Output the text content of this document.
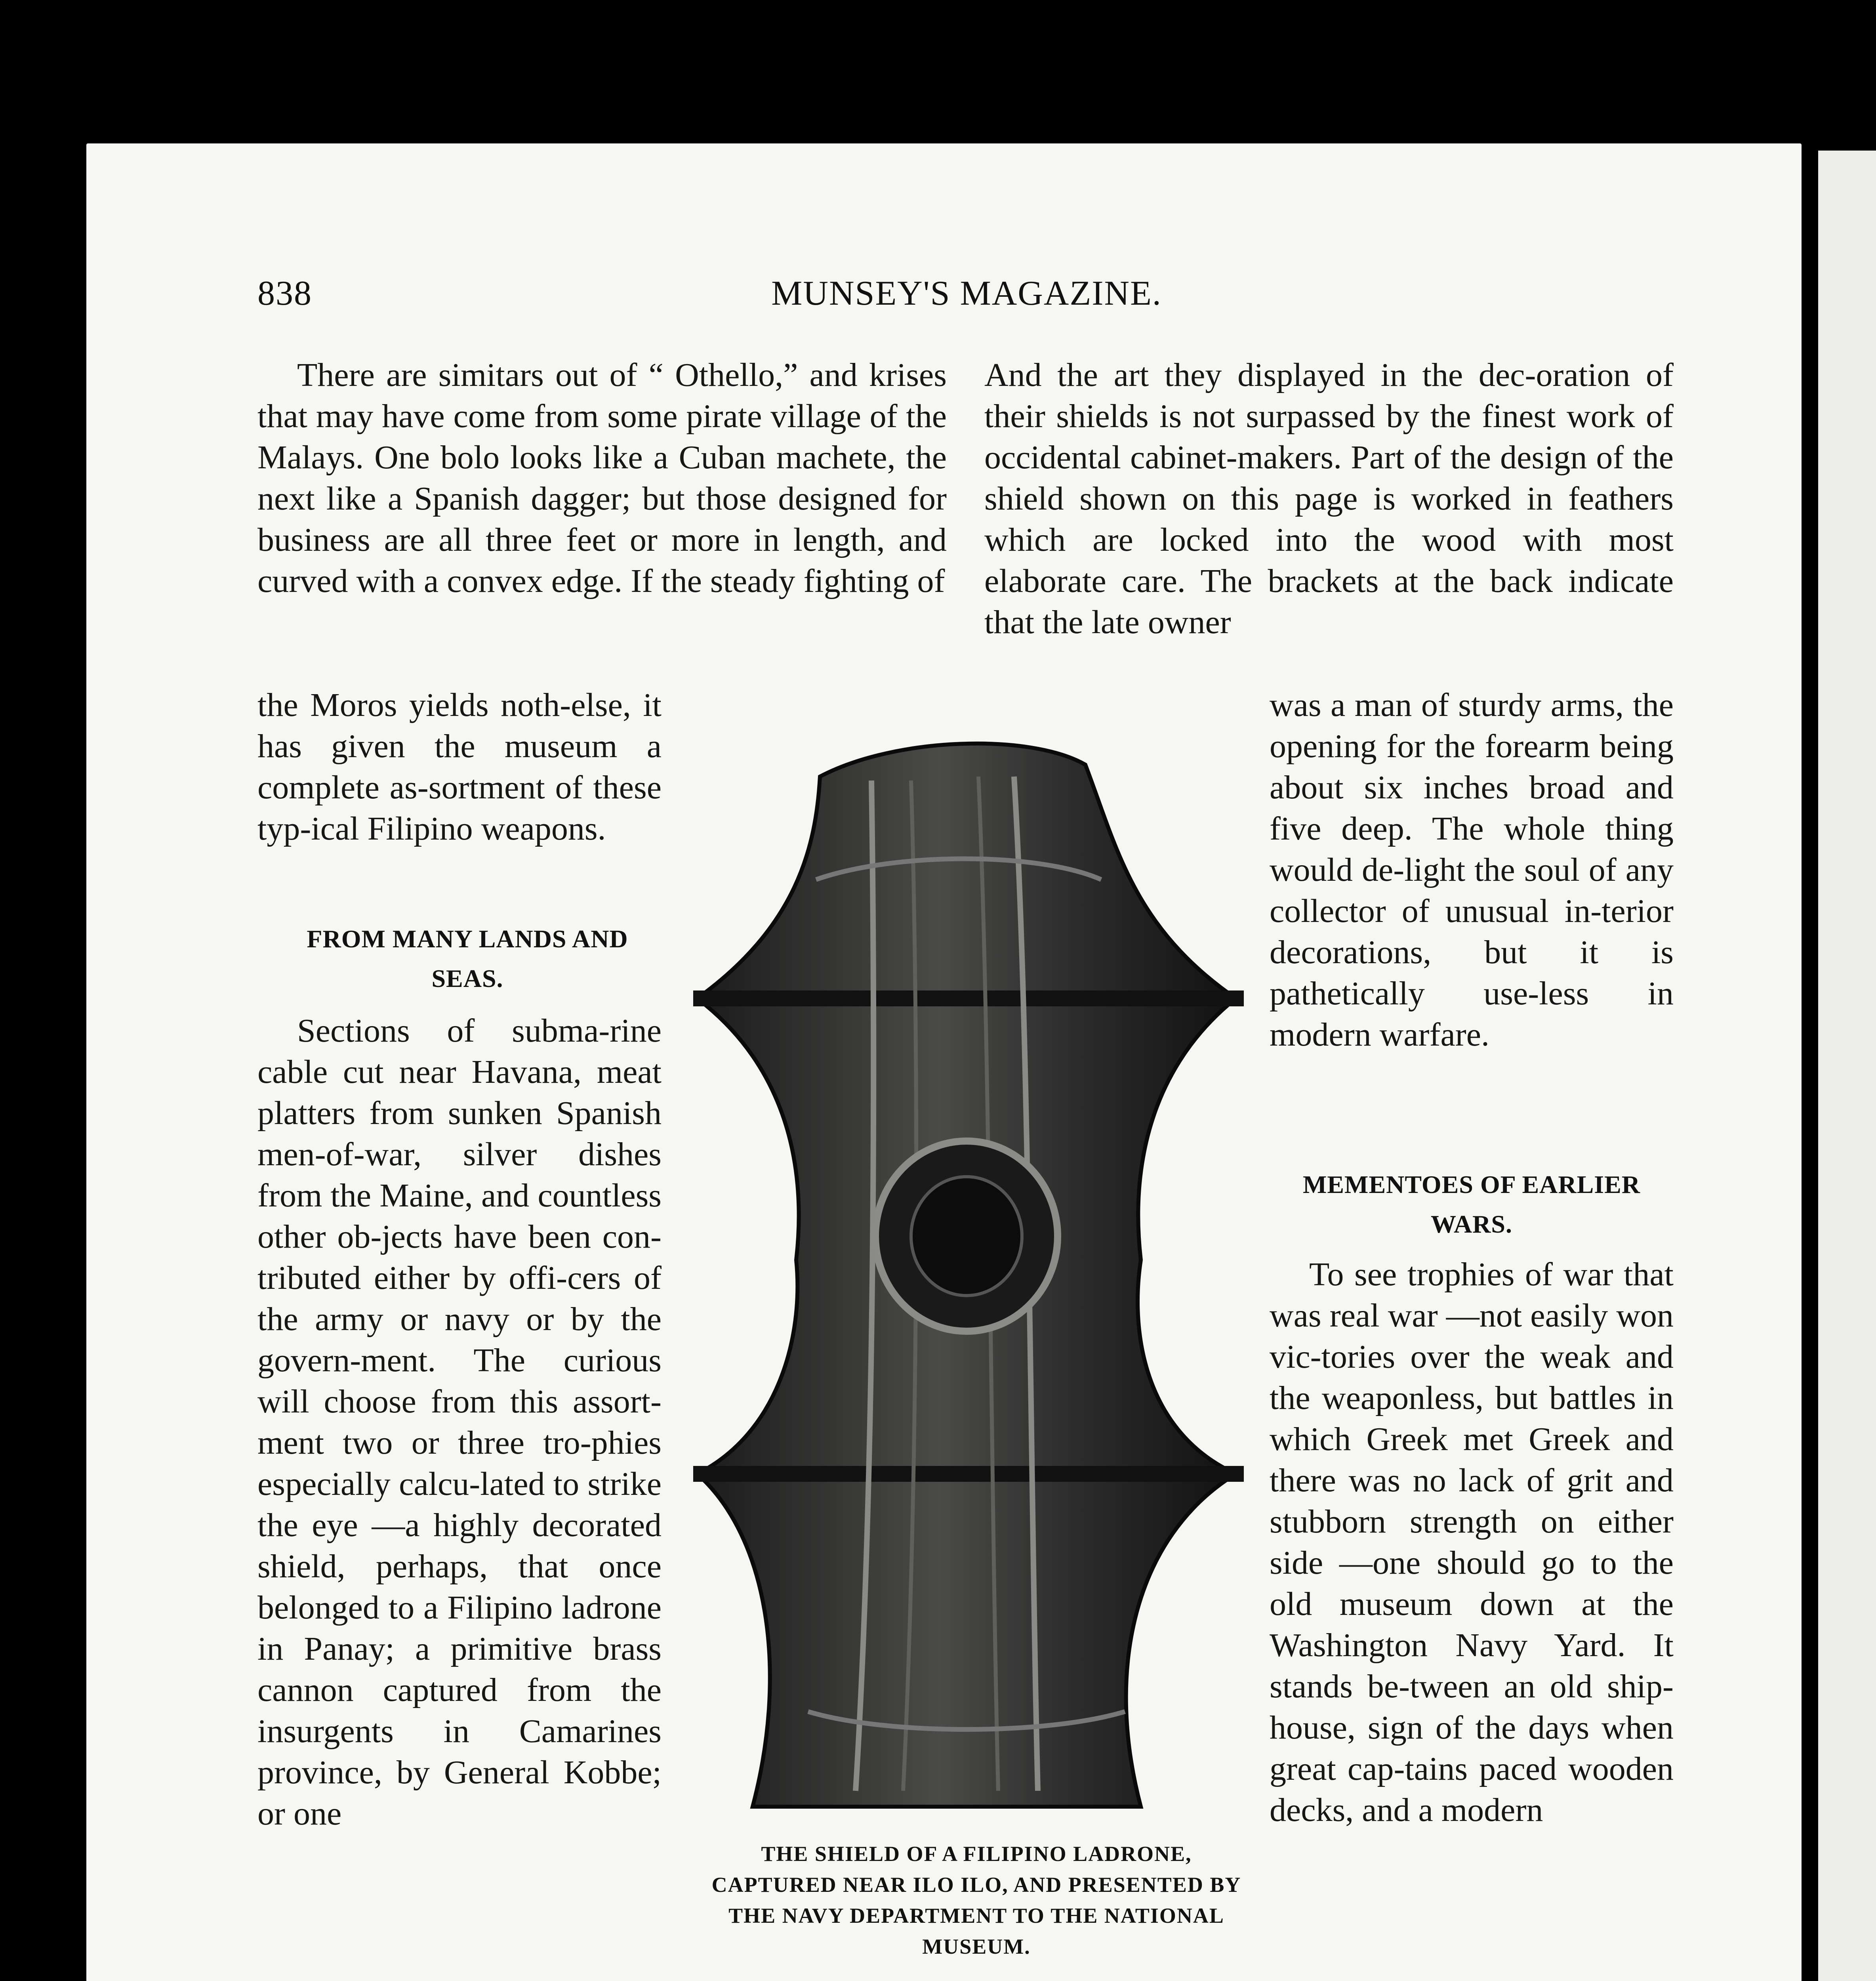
838	MUNSEY'S MAGAZINE.

There are simitars out of “ Othello,” and krises that may have come from some pirate village of the Malays. One bolo looks like a Cuban machete, the next like a Spanish dagger; but those designed for business are all three feet or more in length, and curved with a convex edge. If the steady fighting of

the Moros yields noth-else, it has given the museum a complete as-sortment of these typ-ical Filipino weapons.

FROM MANY LANDS AND SEAS.

Sections of subma-rine cable cut near Havana, meat platters from sunken Spanish men-of-war, silver dishes from the Maine, and countless other ob-jects have been con-tributed either by offi-cers of the army or navy or by the govern-ment. The curious will choose from this assort-ment two or three tro-phies especially calcu-lated to strike the eye —a highly decorated shield, perhaps, that once belonged to a Filipino ladrone in Panay; a primitive brass cannon captured from the insurgents in Camarines province, by General Kobbe; or one

And the art they displayed in the dec-oration of their shields is not surpassed by the finest work of occidental cabinet-makers. Part of the design of the shield shown on this page is worked in feathers which are locked into the wood with most elaborate care. The brackets at the back indicate that the late owner

was a man of sturdy arms, the opening for the forearm being about six inches broad and five deep. The whole thing would de-light the soul of any collector of unusual in-terior decorations, but it is pathetically use-less in modern warfare.

MEMENTOES OF EARLIER WARS.

To see trophies of war that was real war —not easily won vic-tories over the weak and the weaponless, but battles in which Greek met Greek and there was no lack of grit and stubborn strength on either side —one should go to the old museum down at the Washington Navy Yard. It stands be-tween an old ship-house, sign of the days when great cap-tains paced wooden decks, and a modern

THE SHIELD OF A FILIPINO LADRONE, CAPTURED NEAR ILO ILO, AND PRESENTED BY THE NAVY DEPARTMENT TO THE NATIONAL MUSEUM.
